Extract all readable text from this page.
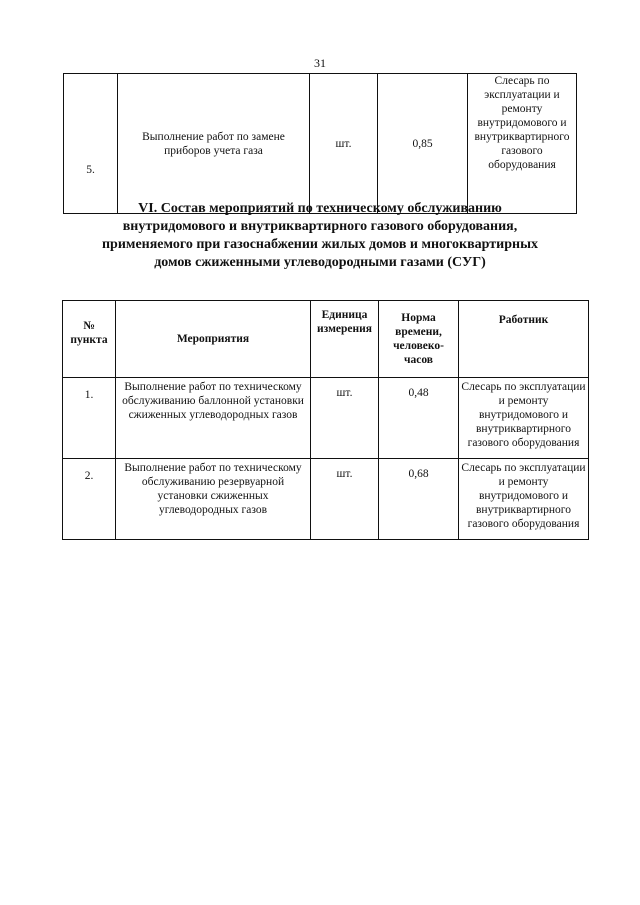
31
5.	Выполнение работ по замене приборов учета газа	шт.	0,85	Слесарь по эксплуатации и ремонту внутридомового и внутриквартирного газового оборудования
VI. Состав мероприятий по техническому обслуживанию внутридомового и внутриквартирного газового оборудования, применяемого при газоснабжении жилых домов и многоквартирных домов сжиженными углеводородными газами (СУГ)
№ пункта	Мероприятия	Единица измерения	Норма времени, человеко-часов	Работник
1.	Выполнение работ по техническому обслуживанию баллонной установки сжиженных углеводородных газов	шт.	0,48	Слесарь по эксплуатации и ремонту внутридомового и внутриквартирного газового оборудования
2.	Выполнение работ по техническому обслуживанию резервуарной установки сжиженных углеводородных газов	шт.	0,68	Слесарь по эксплуатации и ремонту внутридомового и внутриквартирного газового оборудования
